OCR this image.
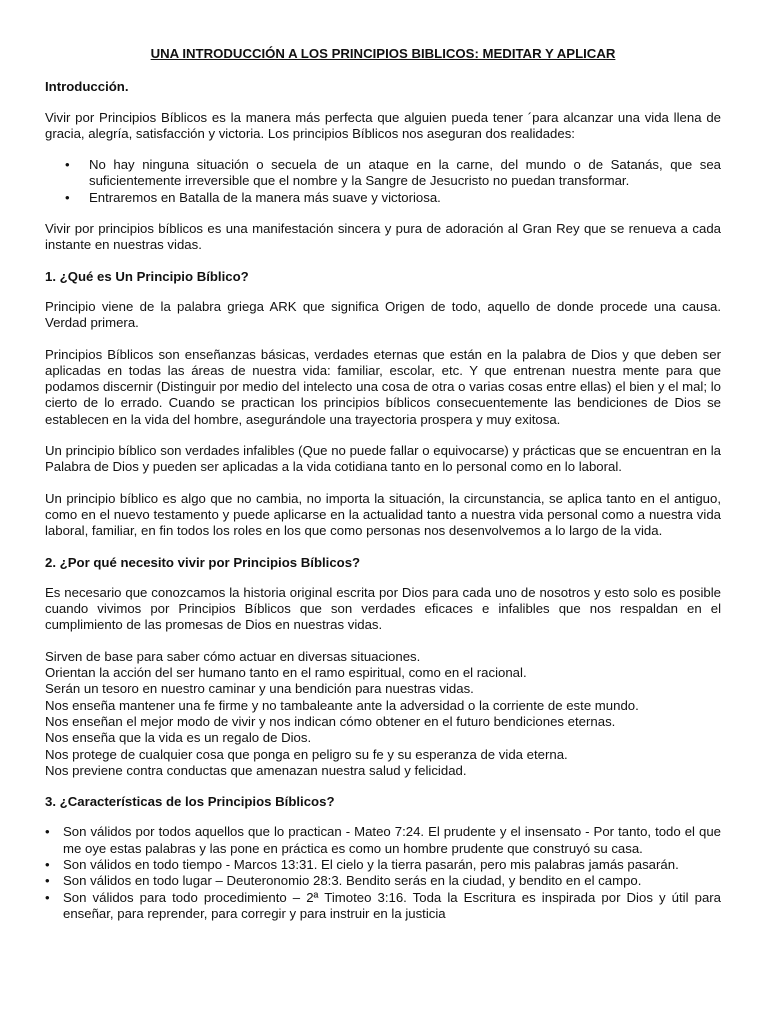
UNA INTRODUCCIÓN A LOS PRINCIPIOS BIBLICOS: MEDITAR Y APLICAR
Introducción.

Vivir por Principios Bíblicos es la manera más perfecta que alguien pueda tener ´para alcanzar una vida llena de gracia, alegría, satisfacción y victoria. Los principios Bíblicos nos aseguran dos realidades:

• No hay ninguna situación o secuela de un ataque en la carne, del mundo o de Satanás, que sea suficientemente irreversible que el nombre y la Sangre de Jesucristo no puedan transformar.
• Entraremos en Batalla de la manera más suave y victoriosa.

Vivir por principios bíblicos es una manifestación sincera y pura de adoración al Gran Rey que se renueva a cada instante en nuestras vidas.

1. ¿Qué es Un Principio Bíblico?

Principio viene de la palabra griega ARK que significa Origen de todo, aquello de donde procede una causa. Verdad primera.

Principios Bíblicos son enseñanzas básicas, verdades eternas que están en la palabra de Dios y que deben ser aplicadas en todas las áreas de nuestra vida: familiar, escolar, etc. Y que entrenan nuestra mente para que podamos discernir (Distinguir por medio del intelecto una cosa de otra o varias cosas entre ellas) el bien y el mal; lo cierto de lo errado. Cuando se practican los principios bíblicos consecuentemente las bendiciones de Dios se establecen en la vida del hombre, asegurándole una trayectoria prospera y muy exitosa.

Un principio bíblico son verdades infalibles (Que no puede fallar o equivocarse) y prácticas que se encuentran en la Palabra de Dios y pueden ser aplicadas a la vida cotidiana tanto en lo personal como en lo laboral.

Un principio bíblico es algo que no cambia, no importa la situación, la circunstancia, se aplica tanto en el antiguo, como en el nuevo testamento y puede aplicarse en la actualidad tanto a nuestra vida personal como a nuestra vida laboral, familiar, en fin todos los roles en los que como personas nos desenvolvemos a lo largo de la vida.

2. ¿Por qué necesito vivir por Principios Bíblicos?

Es necesario que conozcamos la historia original escrita por Dios para cada uno de nosotros y esto solo es posible cuando vivimos por Principios Bíblicos que son verdades eficaces e infalibles que nos respaldan en el cumplimiento de las promesas de Dios en nuestras vidas.

Sirven de base para saber cómo actuar en diversas situaciones.
Orientan la acción del ser humano tanto en el ramo espiritual, como en el racional.
Serán un tesoro en nuestro caminar y una bendición para nuestras vidas.
Nos enseña mantener una fe firme y no tambaleante ante la adversidad o la corriente de este mundo.
Nos enseñan el mejor modo de vivir y nos indican cómo obtener en el futuro bendiciones eternas.
Nos enseña que la vida es un regalo de Dios.
Nos protege de cualquier cosa que ponga en peligro su fe y su esperanza de vida eterna.
Nos previene contra conductas que amenazan nuestra salud y felicidad.
3. ¿Características de los Principios Bíblicos?
• Son válidos por todos aquellos que lo practican - Mateo 7:24. El prudente y el insensato - Por tanto, todo el que me oye estas palabras y las pone en práctica es como un hombre prudente que construyó su casa.
• Son válidos en todo tiempo - Marcos 13:31. El cielo y la tierra pasarán, pero mis palabras jamás pasarán.
• Son válidos en todo lugar – Deuteronomio 28:3. Bendito serás en la ciudad, y bendito en el campo.
• Son válidos para todo procedimiento – 2ª Timoteo 3:16. Toda la Escritura es inspirada por Dios y útil para enseñar, para reprender, para corregir y para instruir en la justicia
